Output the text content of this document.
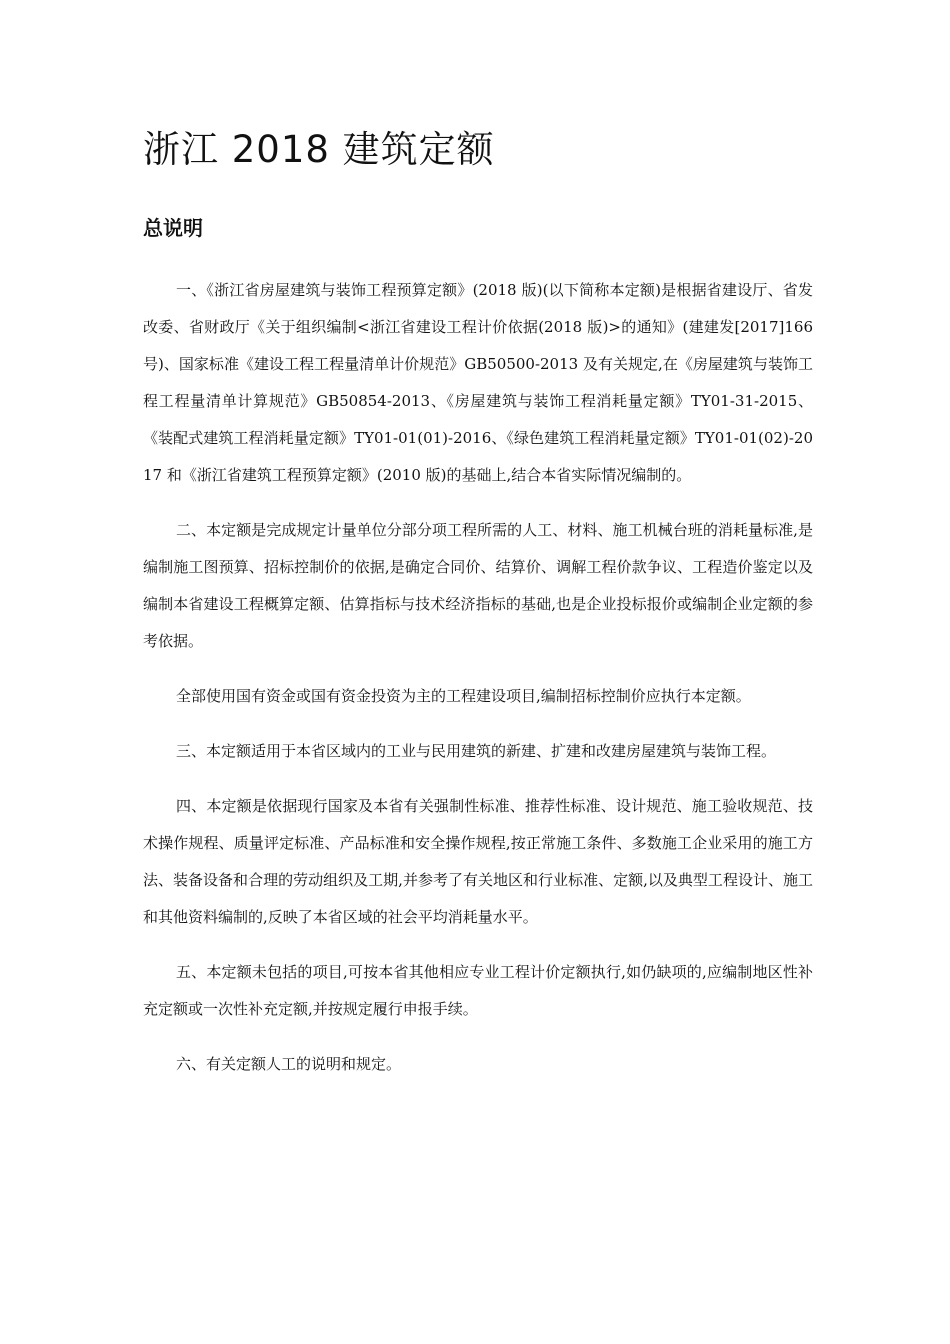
浙江 2018 建筑定额
总说明

一、《浙江省房屋建筑与装饰工程预算定额》(2018 版)(以下简称本定额)是根据省建设厅、省发改委、省财政厅《关于组织编制<浙江省建设工程计价依据(2018 版)>的通知》(建建发[2017]166 号)、国家标准《建设工程工程量清单计价规范》GB50500-2013 及有关规定,在《房屋建筑与装饰工程工程量清单计算规范》GB50854-2013、《房屋建筑与装饰工程消耗量定额》TY01-31-2015、《装配式建筑工程消耗量定额》TY01-01(01)-2016、《绿色建筑工程消耗量定额》TY01-01(02)-2017 和《浙江省建筑工程预算定额》(2010 版)的基础上,结合本省实际情况编制的。

二、本定额是完成规定计量单位分部分项工程所需的人工、材料、施工机械台班的消耗量标准,是编制施工图预算、招标控制价的依据,是确定合同价、结算价、调解工程价款争议、工程造价鉴定以及编制本省建设工程概算定额、估算指标与技术经济指标的基础,也是企业投标报价或编制企业定额的参考依据。

全部使用国有资金或国有资金投资为主的工程建设项目,编制招标控制价应执行本定额。

三、本定额适用于本省区域内的工业与民用建筑的新建、扩建和改建房屋建筑与装饰工程。

四、本定额是依据现行国家及本省有关强制性标准、推荐性标准、设计规范、施工验收规范、技术操作规程、质量评定标准、产品标准和安全操作规程,按正常施工条件、多数施工企业采用的施工方法、装备设备和合理的劳动组织及工期,并参考了有关地区和行业标准、定额,以及典型工程设计、施工和其他资料编制的,反映了本省区域的社会平均消耗量水平。

五、本定额未包括的项目,可按本省其他相应专业工程计价定额执行,如仍缺项的,应编制地区性补充定额或一次性补充定额,并按规定履行申报手续。

六、有关定额人工的说明和规定。
